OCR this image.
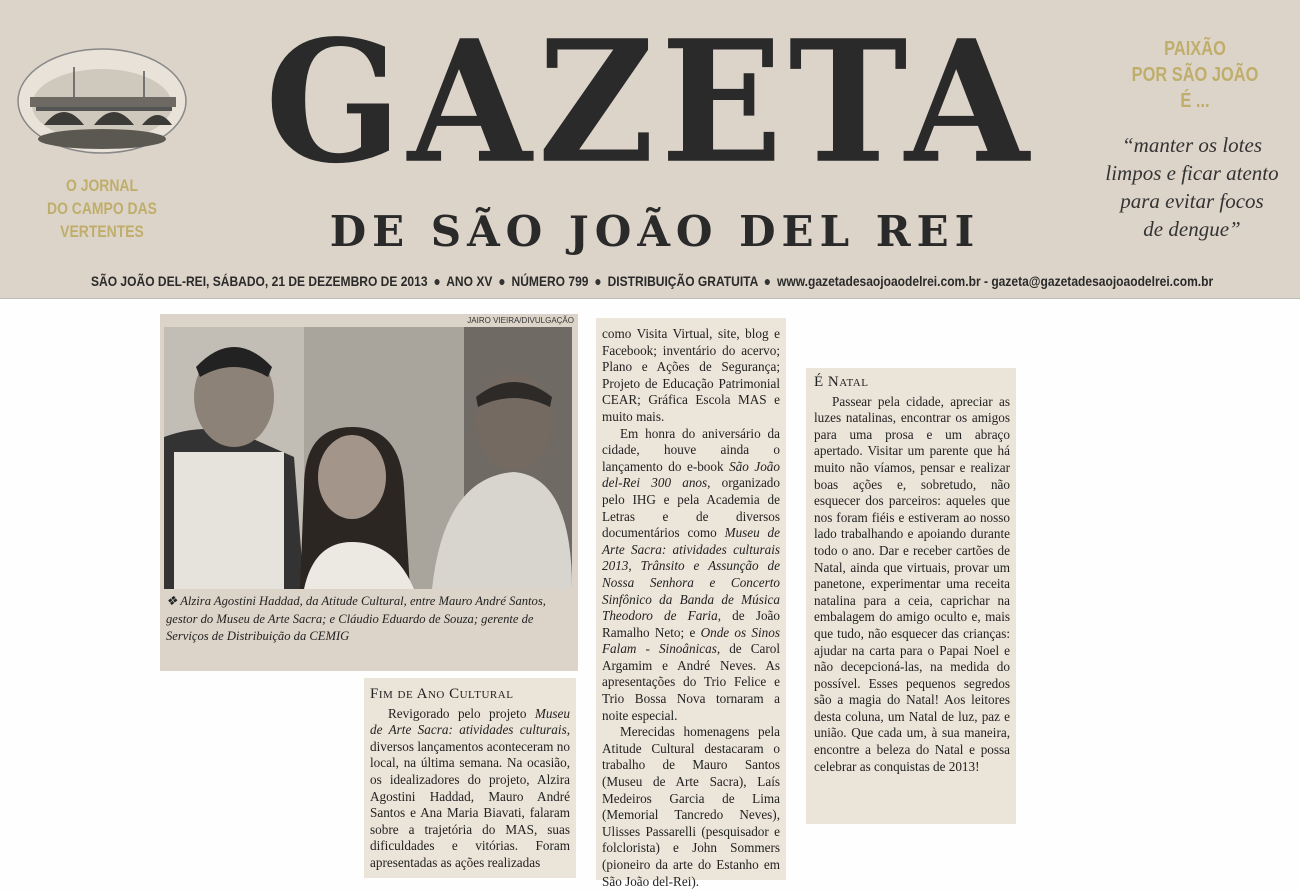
O JORNAL
DO CAMPO DAS
VERTENTES
GAZETA
DE SÃO JOÃO DEL REI
PAIXÃO
POR SÃO JOÃO
É ...
“manter os lotes
limpos e ficar atento
para evitar focos
de dengue”
SÃO JOÃO DEL-REI, SÁBADO, 21 DE DEZEMBRO DE 2013 ● ANO XV ● NÚMERO 799 ● DISTRIBUIÇÃO GRATUITA ● www.gazetadesaojoaodelrei.com.br - gazeta@gazetadesaojoaodelrei.com.br
JAIRO VIEIRA/DIVULGAÇÃO
❖ Alzira Agostini Haddad, da Atitude Cultural, entre Mauro André Santos, gestor do Museu de Arte Sacra; e Cláudio Eduardo de Souza; gerente de Serviços de Distribuição da CEMIG
Fim de Ano Cultural

Revigorado pelo projeto Museu de Arte Sacra: atividades culturais, diversos lançamentos aconteceram no local, na última semana. Na ocasião, os idealizadores do projeto, Alzira Agostini Haddad, Mauro André Santos e Ana Maria Biavati, falaram sobre a trajetória do MAS, suas dificuldades e vitórias. Foram apresentadas as ações realizadas

como Visita Virtual, site, blog e Facebook; inventário do acervo; Plano e Ações de Segurança; Projeto de Educação Patrimonial CEAR; Gráfica Escola MAS e muito mais.

Em honra do aniversário da cidade, houve ainda o lançamento do e-book São João del-Rei 300 anos, organizado pelo IHG e pela Academia de Letras e de diversos documentários como Museu de Arte Sacra: atividades culturais 2013, Trânsito e Assunção de Nossa Senhora e Concerto Sinfônico da Banda de Música Theodoro de Faria, de João Ramalho Neto; e Onde os Sinos Falam - Sinoânicas, de Carol Argamim e André Neves. As apresentações do Trio Felice e Trio Bossa Nova tornaram a noite especial.

Merecidas homenagens pela Atitude Cultural destacaram o trabalho de Mauro Santos (Museu de Arte Sacra), Laís Medeiros Garcia de Lima (Memorial Tancredo Neves), Ulisses Passarelli (pesquisador e folclorista) e John Sommers (pioneiro da arte do Estanho em São João del-Rei).

É Natal

Passear pela cidade, apreciar as luzes natalinas, encontrar os amigos para uma prosa e um abraço apertado. Visitar um parente que há muito não víamos, pensar e realizar boas ações e, sobretudo, não esquecer dos parceiros: aqueles que nos foram fiéis e estiveram ao nosso lado trabalhando e apoiando durante todo o ano. Dar e receber cartões de Natal, ainda que virtuais, provar um panetone, experimentar uma receita natalina para a ceia, caprichar na embalagem do amigo oculto e, mais que tudo, não esquecer das crianças: ajudar na carta para o Papai Noel e não decepcioná-las, na medida do possível. Esses pequenos segredos são a magia do Natal! Aos leitores desta coluna, um Natal de luz, paz e união. Que cada um, à sua maneira, encontre a beleza do Natal e possa celebrar as conquistas de 2013!
